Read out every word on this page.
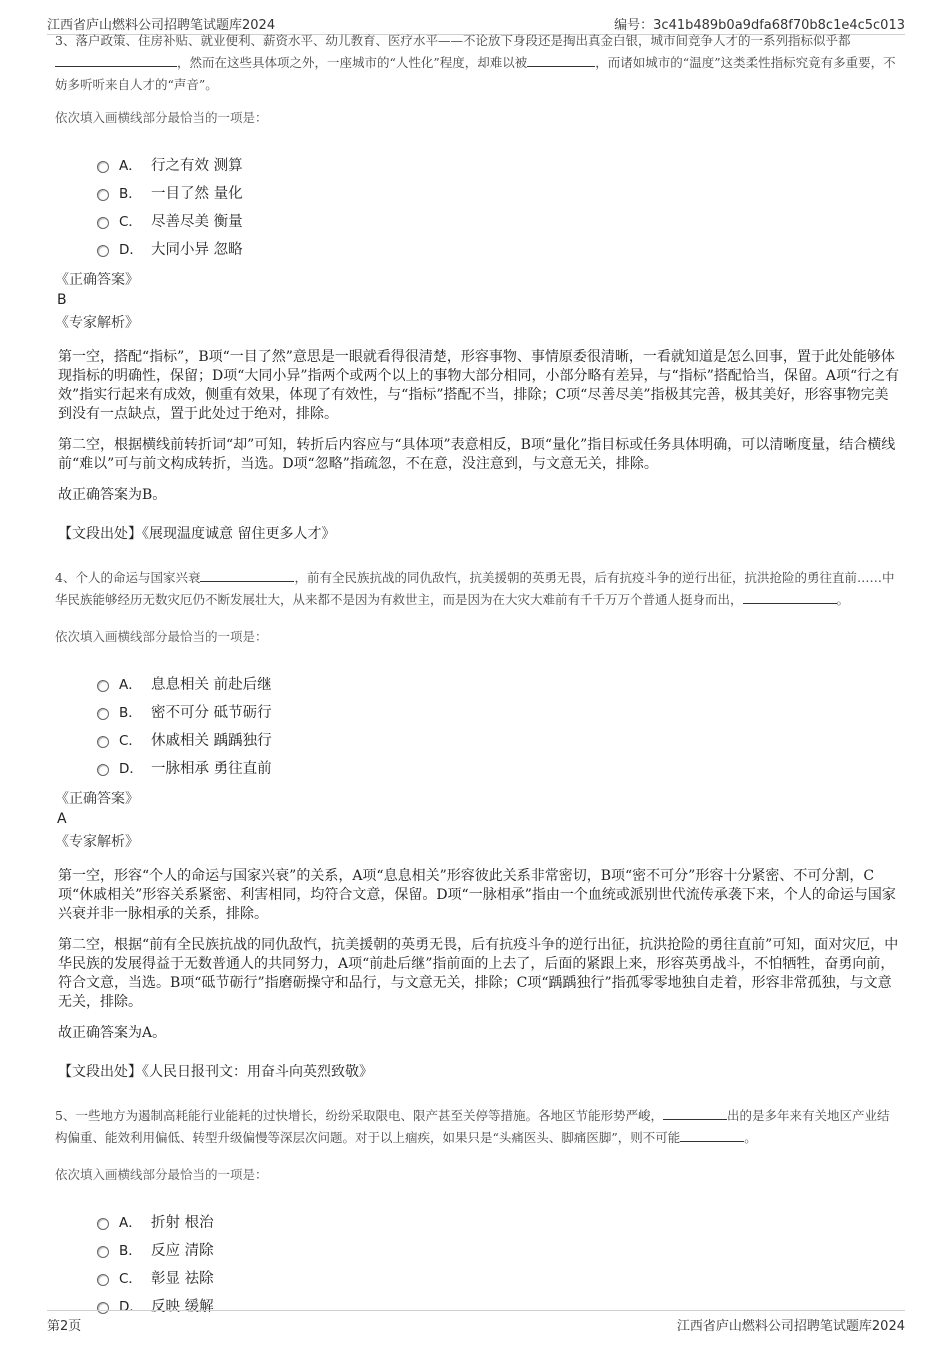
江西省庐山燃料公司招聘笔试题库2024	编号：3c41b489b0a9dfa68f70b8c1e4c5c013

3、落户政策、住房补贴、就业便利、薪资水平、幼儿教育、医疗水平——不论放下身段还是掏出真金白银，城市间竞争人才的一系列指标似乎都，然而在这些具体项之外，一座城市的“人性化”程度，却难以被	，而诸如城市的“温度”这类柔性指标究竟有多重要，不妨多听听来自人才的“声音”。

依次填入画横线部分最恰当的一项是：
A． 行之有效 测算
B． 一目了然 量化
C． 尽善尽美 衡量
D． 大同小异 忽略
《正确答案》
B
《专家解析》

第一空，搭配“指标”，B项“一目了然”意思是一眼就看得很清楚，形容事物、事情原委很清晰，一看就知道是怎么回事，置于此处能够体现指标的明确性，保留；D项“大同小异”指两个或两个以上的事物大部分相同，小部分略有差异，与“指标”搭配恰当，保留。A项“行之有效”指实行起来有成效，侧重有效果，体现了有效性，与“指标”搭配不当，排除；C项“尽善尽美”指极其完善，极其美好，形容事物完美到没有一点缺点，置于此处过于绝对，排除。

第二空，根据横线前转折词“却”可知，转折后内容应与“具体项”表意相反，B项“量化”指目标或任务具体明确，可以清晰度量，结合横线前“难以”可与前文构成转折，当选。D项“忽略”指疏忽，不在意，没注意到，与文意无关，排除。

故正确答案为B。

【文段出处】《展现温度诚意 留住更多人才》

4、个人的命运与国家兴衰	，前有全民族抗战的同仇敌忾，抗美援朝的英勇无畏，后有抗疫斗争的逆行出征，抗洪抢险的勇往直前……中华民族能够经历无数灾厄仍不断发展壮大，从来都不是因为有救世主，而是因为在大灾大难前有千千万万个普通人挺身而出，	。

依次填入画横线部分最恰当的一项是：
A． 息息相关 前赴后继
B． 密不可分 砥节砺行
C． 休戚相关 踽踽独行
D． 一脉相承 勇往直前
《正确答案》
A
《专家解析》

第一空，形容“个人的命运与国家兴衰”的关系，A项“息息相关”形容彼此关系非常密切，B项“密不可分”形容十分紧密、不可分割，C项“休戚相关”形容关系紧密、利害相同，均符合文意，保留。D项“一脉相承”指由一个血统或派别世代流传承袭下来，个人的命运与国家兴衰并非一脉相承的关系，排除。

第二空，根据“前有全民族抗战的同仇敌忾，抗美援朝的英勇无畏，后有抗疫斗争的逆行出征，抗洪抢险的勇往直前”可知，面对灾厄，中华民族的发展得益于无数普通人的共同努力，A项“前赴后继”指前面的上去了，后面的紧跟上来，形容英勇战斗，不怕牺牲，奋勇向前，符合文意，当选。B项“砥节砺行”指磨砺操守和品行，与文意无关，排除；C项“踽踽独行”指孤零零地独自走着，形容非常孤独，与文意无关，排除。

故正确答案为A。

【文段出处】《人民日报刊文：用奋斗向英烈致敬》

5、一些地方为遏制高耗能行业能耗的过快增长，纷纷采取限电、限产甚至关停等措施。各地区节能形势严峻，	出的是多年来有关地区产业结构偏重、能效利用偏低、转型升级偏慢等深层次问题。对于以上痼疾，如果只是“头痛医头、脚痛医脚”，则不可能	。

依次填入画横线部分最恰当的一项是：
A． 折射 根治
B． 反应 清除
C． 彰显 祛除
D． 反映 缓解
第2页	江西省庐山燃料公司招聘笔试题库2024
